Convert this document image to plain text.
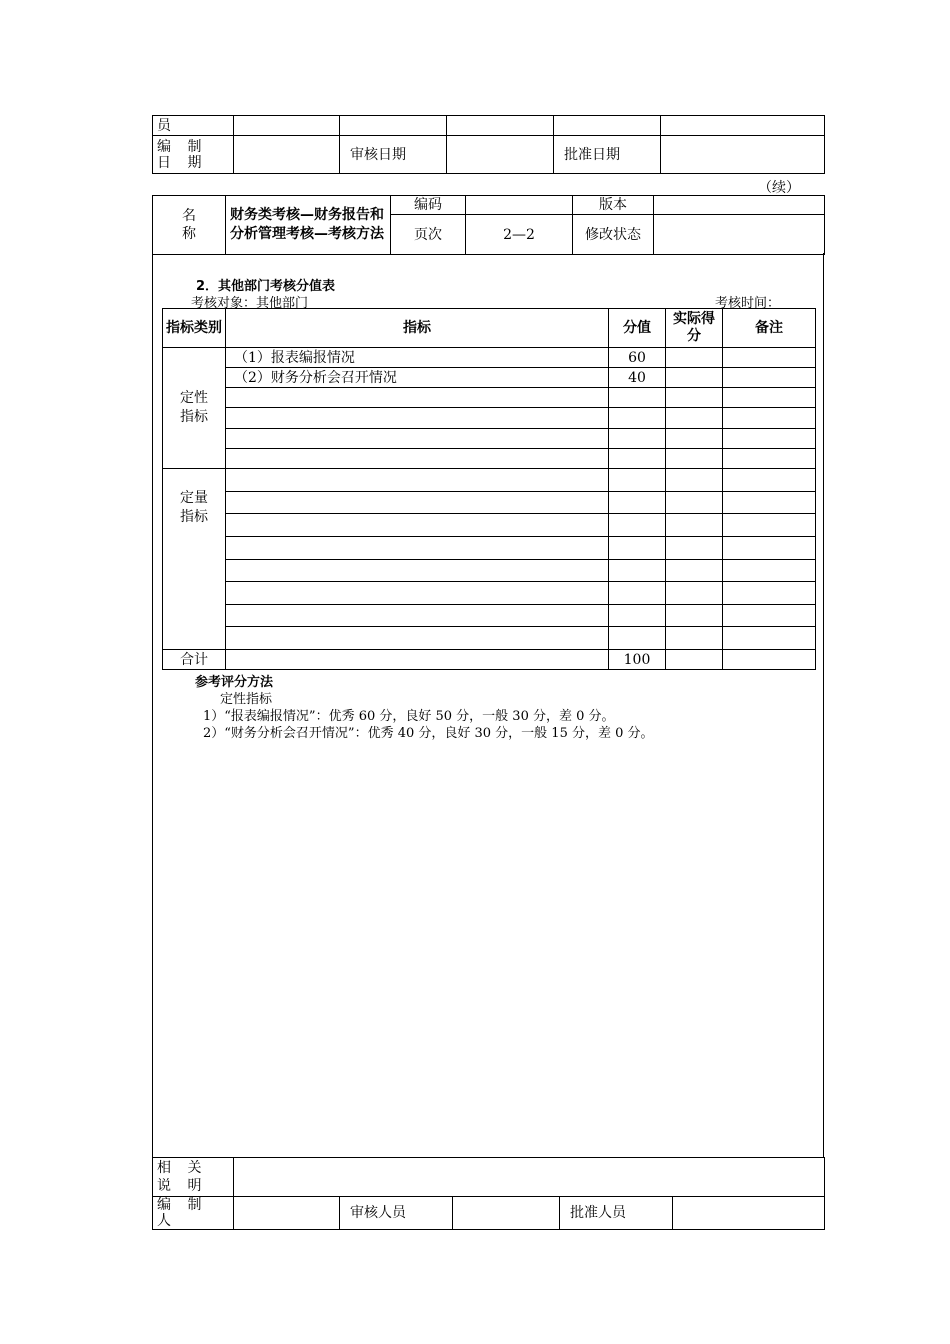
员					
编 制 日 期		审核日期		批准日期	
（续）
名 称	财务类考核—财务报告和分析管理考核—考核方法	编码		版本	
		页次	2—2	修改状态	
2．其他部门考核分值表
考核对象：其他部门	考核时间：
指标类别	指标	分值	实际得分	备注

定性指标	（1）报表编报情况	60		
	（2）财务分析会召开情况	40		

定量指标				

合计		100		
参考评分方法
定性指标
1）“报表编报情况”：优秀 60 分，良好 50 分，一般 30 分，差 0 分。
2）“财务分析会召开情况”：优秀 40 分，良好 30 分，一般 15 分，差 0 分。
相 关 说 明					
编 制 人		审核人员		批准人员	
